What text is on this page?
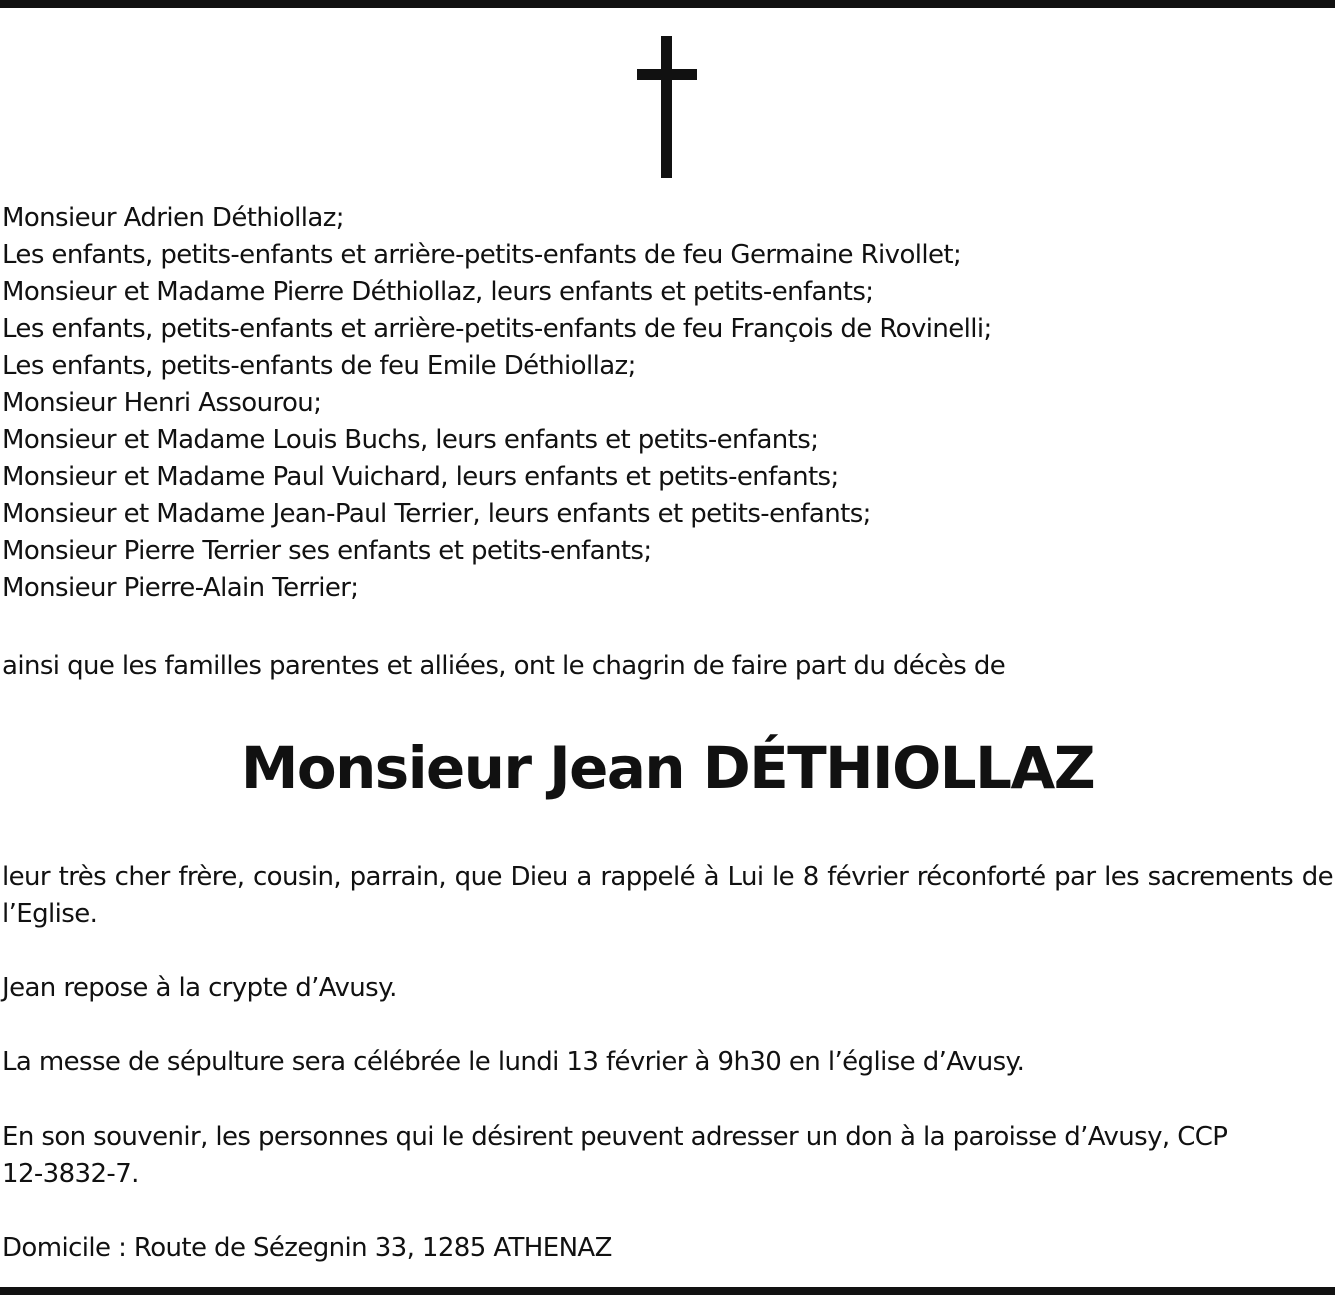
Monsieur Adrien Déthiollaz;
Les enfants, petits-enfants et arrière-petits-enfants de feu Germaine Rivollet;
Monsieur et Madame Pierre Déthiollaz, leurs enfants et petits-enfants;
Les enfants, petits-enfants et arrière-petits-enfants de feu François de Rovinelli;
Les enfants, petits-enfants de feu Emile Déthiollaz;
Monsieur Henri Assourou;
Monsieur et Madame Louis Buchs, leurs enfants et petits-enfants;
Monsieur et Madame Paul Vuichard, leurs enfants et petits-enfants;
Monsieur et Madame Jean-Paul Terrier, leurs enfants et petits-enfants;
Monsieur Pierre Terrier ses enfants et petits-enfants;
Monsieur Pierre-Alain Terrier;
ainsi que les familles parentes et alliées, ont le chagrin de faire part du décès de
Monsieur Jean DÉTHIOLLAZ

leur très cher frère, cousin, parrain, que Dieu a rappelé à Lui le 8 février réconforté par les sacrements de l’Eglise.

Jean repose à la crypte d’Avusy.

La messe de sépulture sera célébrée le lundi 13 février à 9h30 en l’église d’Avusy.

En son souvenir, les personnes qui le désirent peuvent adresser un don à la paroisse d’Avusy, CCP 12-3832-7.

Domicile : Route de Sézegnin 33, 1285 ATHENAZ
